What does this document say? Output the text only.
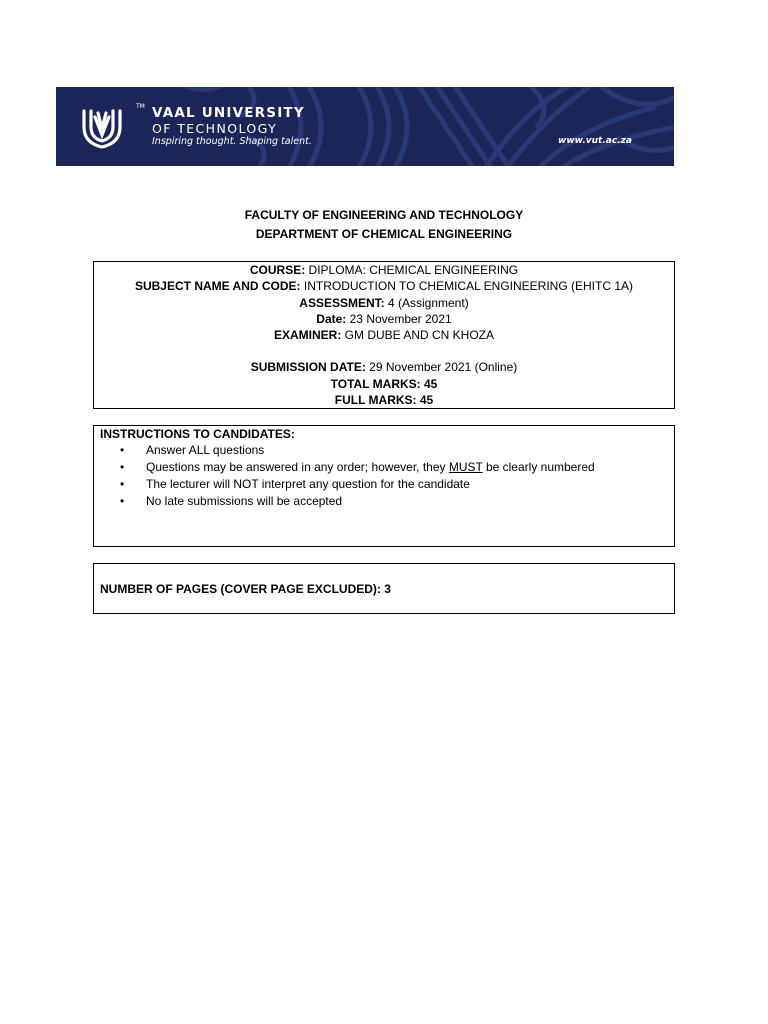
TM VAAL UNIVERSITY
OF TECHNOLOGY
Inspiring thought. Shaping talent.	www.vut.ac.za
FACULTY OF ENGINEERING AND TECHNOLOGY
DEPARTMENT OF CHEMICAL ENGINEERING
COURSE: DIPLOMA: CHEMICAL ENGINEERING
SUBJECT NAME AND CODE: INTRODUCTION TO CHEMICAL ENGINEERING (EHITC 1A)
ASSESSMENT: 4 (Assignment)
Date: 23 November 2021
EXAMINER: GM DUBE AND CN KHOZA
SUBMISSION DATE: 29 November 2021 (Online)
TOTAL MARKS: 45
FULL MARKS: 45
INSTRUCTIONS TO CANDIDATES:
• Answer ALL questions
• Questions may be answered in any order; however, they MUST be clearly numbered
• The lecturer will NOT interpret any question for the candidate
• No late submissions will be accepted
NUMBER OF PAGES (COVER PAGE EXCLUDED): 3
